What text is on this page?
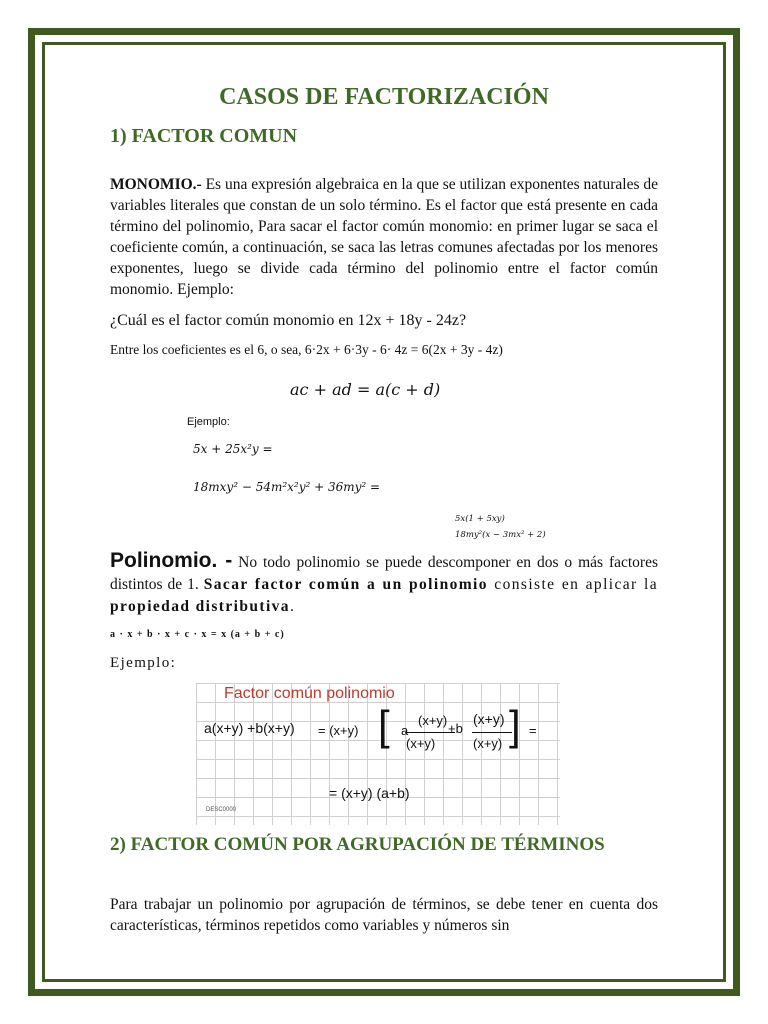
CASOS DE FACTORIZACIÓN
1) FACTOR COMUN

MONOMIO.- Es una expresión algebraica en la que se utilizan exponentes naturales de variables literales que constan de un solo término. Es el factor que está presente en cada término del polinomio, Para sacar el factor común monomio: en primer lugar se saca el coeficiente común, a continuación, se saca las letras comunes afectadas por los menores exponentes, luego se divide cada término del polinomio entre el factor común monomio. Ejemplo:

¿Cuál es el factor común monomio en 12x + 18y - 24z?

Entre los coeficientes es el 6, o sea, 6·2x + 6·3y - 6· 4z = 6(2x + 3y - 4z)

ac + ad = a(c + d)
Ejemplo:
5x + 25x²y =
18mxy² − 54m²x²y² + 36my² =
5x(1 + 5xy)
18my²(x − 3mx² + 2)

Polinomio. - No todo polinomio se puede descomponer en dos o más factores distintos de 1. Sacar factor común a un polinomio consiste en aplicar la propiedad distributiva.

a · x + b · x + c · x = x (a + b + c)

Ejemplo:

Factor común polinomio
a(x+y) +b(x+y) = (x+y) [ a
(x+y)
(x+y)
+b
(x+y)
(x+y) ] =
= (x+y) (a+b)
DESC0000
2) FACTOR COMÚN POR AGRUPACIÓN DE TÉRMINOS

Para trabajar un polinomio por agrupación de términos, se debe tener en cuenta dos características, términos repetidos como variables y números sin
